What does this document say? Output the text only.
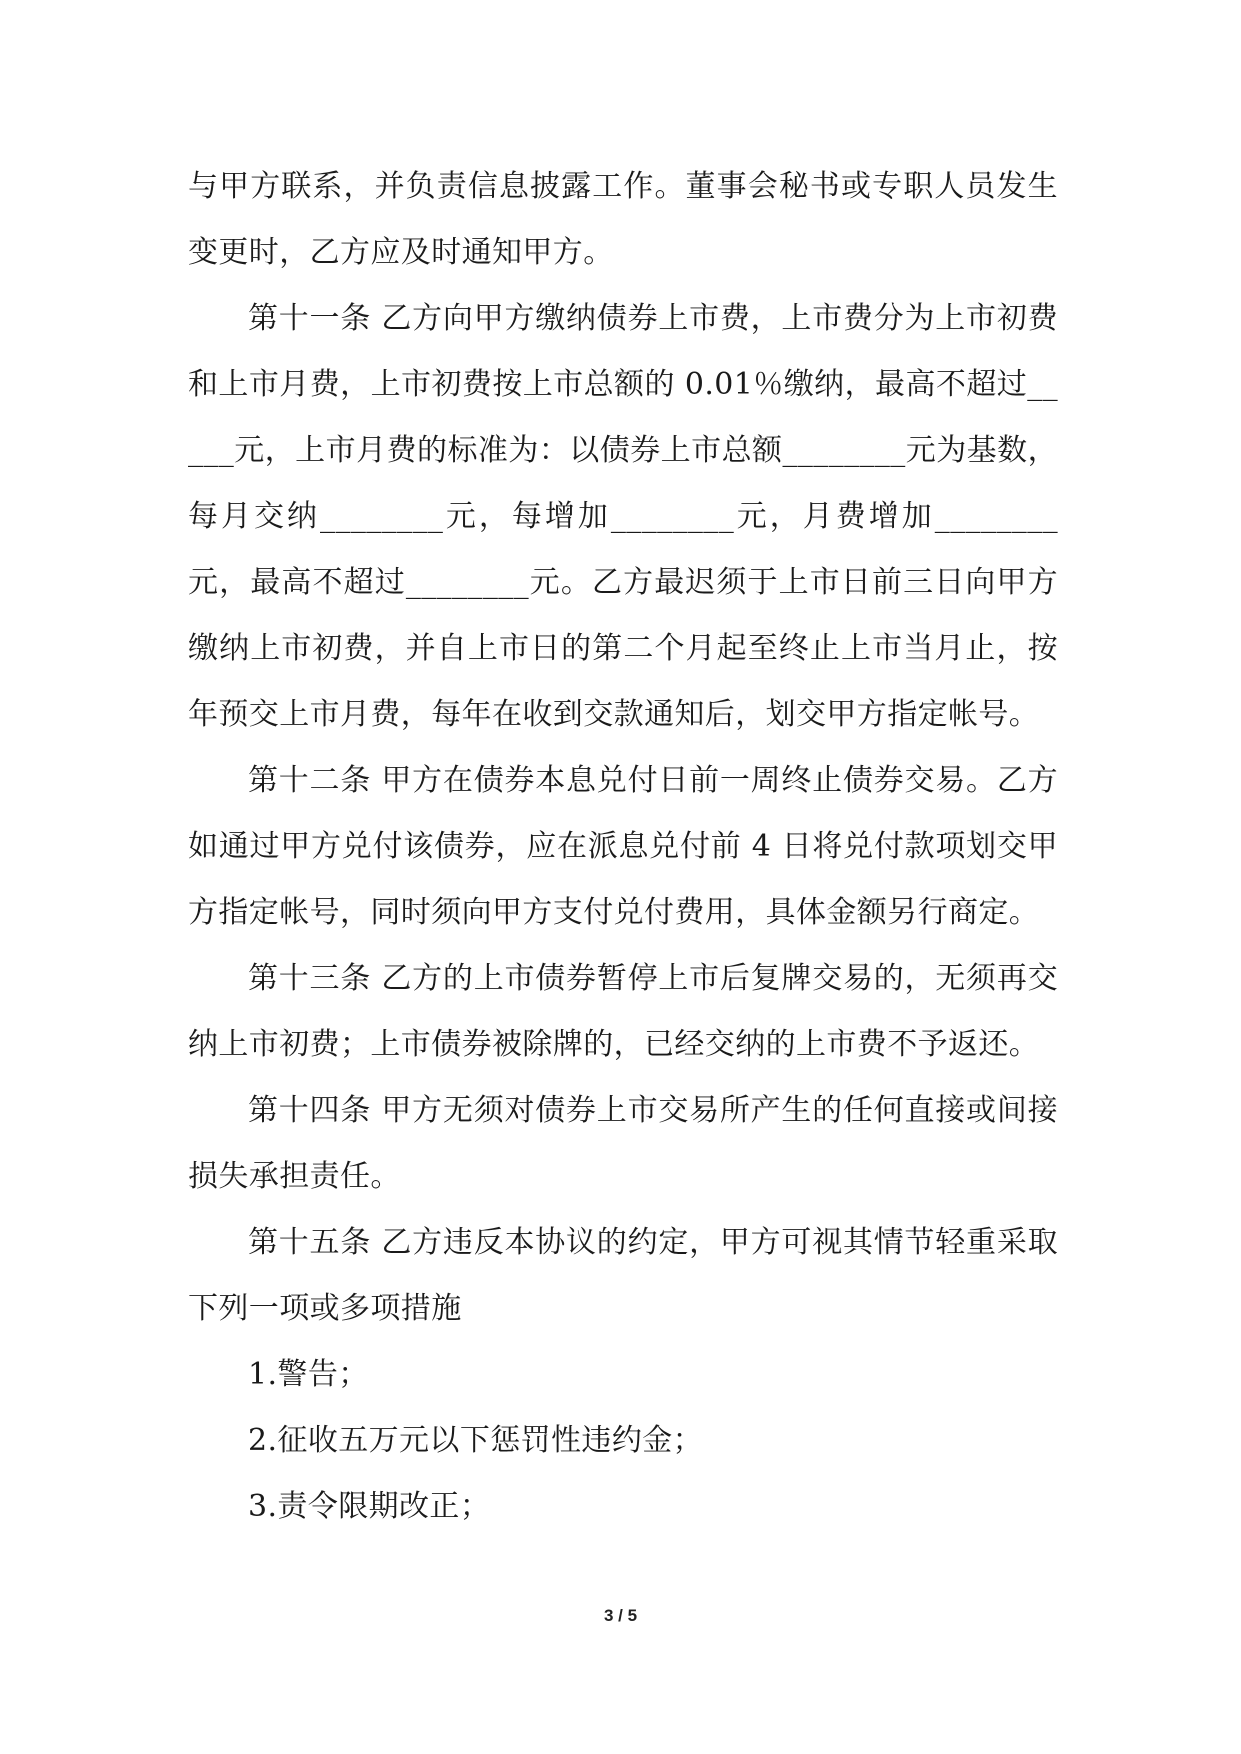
与甲方联系，并负责信息披露工作。董事会秘书或专职人员发生变更时，乙方应及时通知甲方。

第十一条 乙方向甲方缴纳债券上市费，上市费分为上市初费和上市月费，上市初费按上市总额的 0.01％缴纳，最高不超过_____元，上市月费的标准为：以债券上市总额________元为基数，每月交纳________元，每增加________元，月费增加________元，最高不超过________元。乙方最迟须于上市日前三日向甲方缴纳上市初费，并自上市日的第二个月起至终止上市当月止，按年预交上市月费，每年在收到交款通知后，划交甲方指定帐号。

第十二条 甲方在债券本息兑付日前一周终止债券交易。乙方如通过甲方兑付该债券，应在派息兑付前 4 日将兑付款项划交甲方指定帐号，同时须向甲方支付兑付费用，具体金额另行商定。

第十三条 乙方的上市债券暂停上市后复牌交易的，无须再交纳上市初费；上市债券被除牌的，已经交纳的上市费不予返还。

第十四条 甲方无须对债券上市交易所产生的任何直接或间接损失承担责任。

第十五条 乙方违反本协议的约定，甲方可视其情节轻重采取下列一项或多项措施

1.警告；

2.征收五万元以下惩罚性违约金；

3.责令限期改正；

3 / 5
